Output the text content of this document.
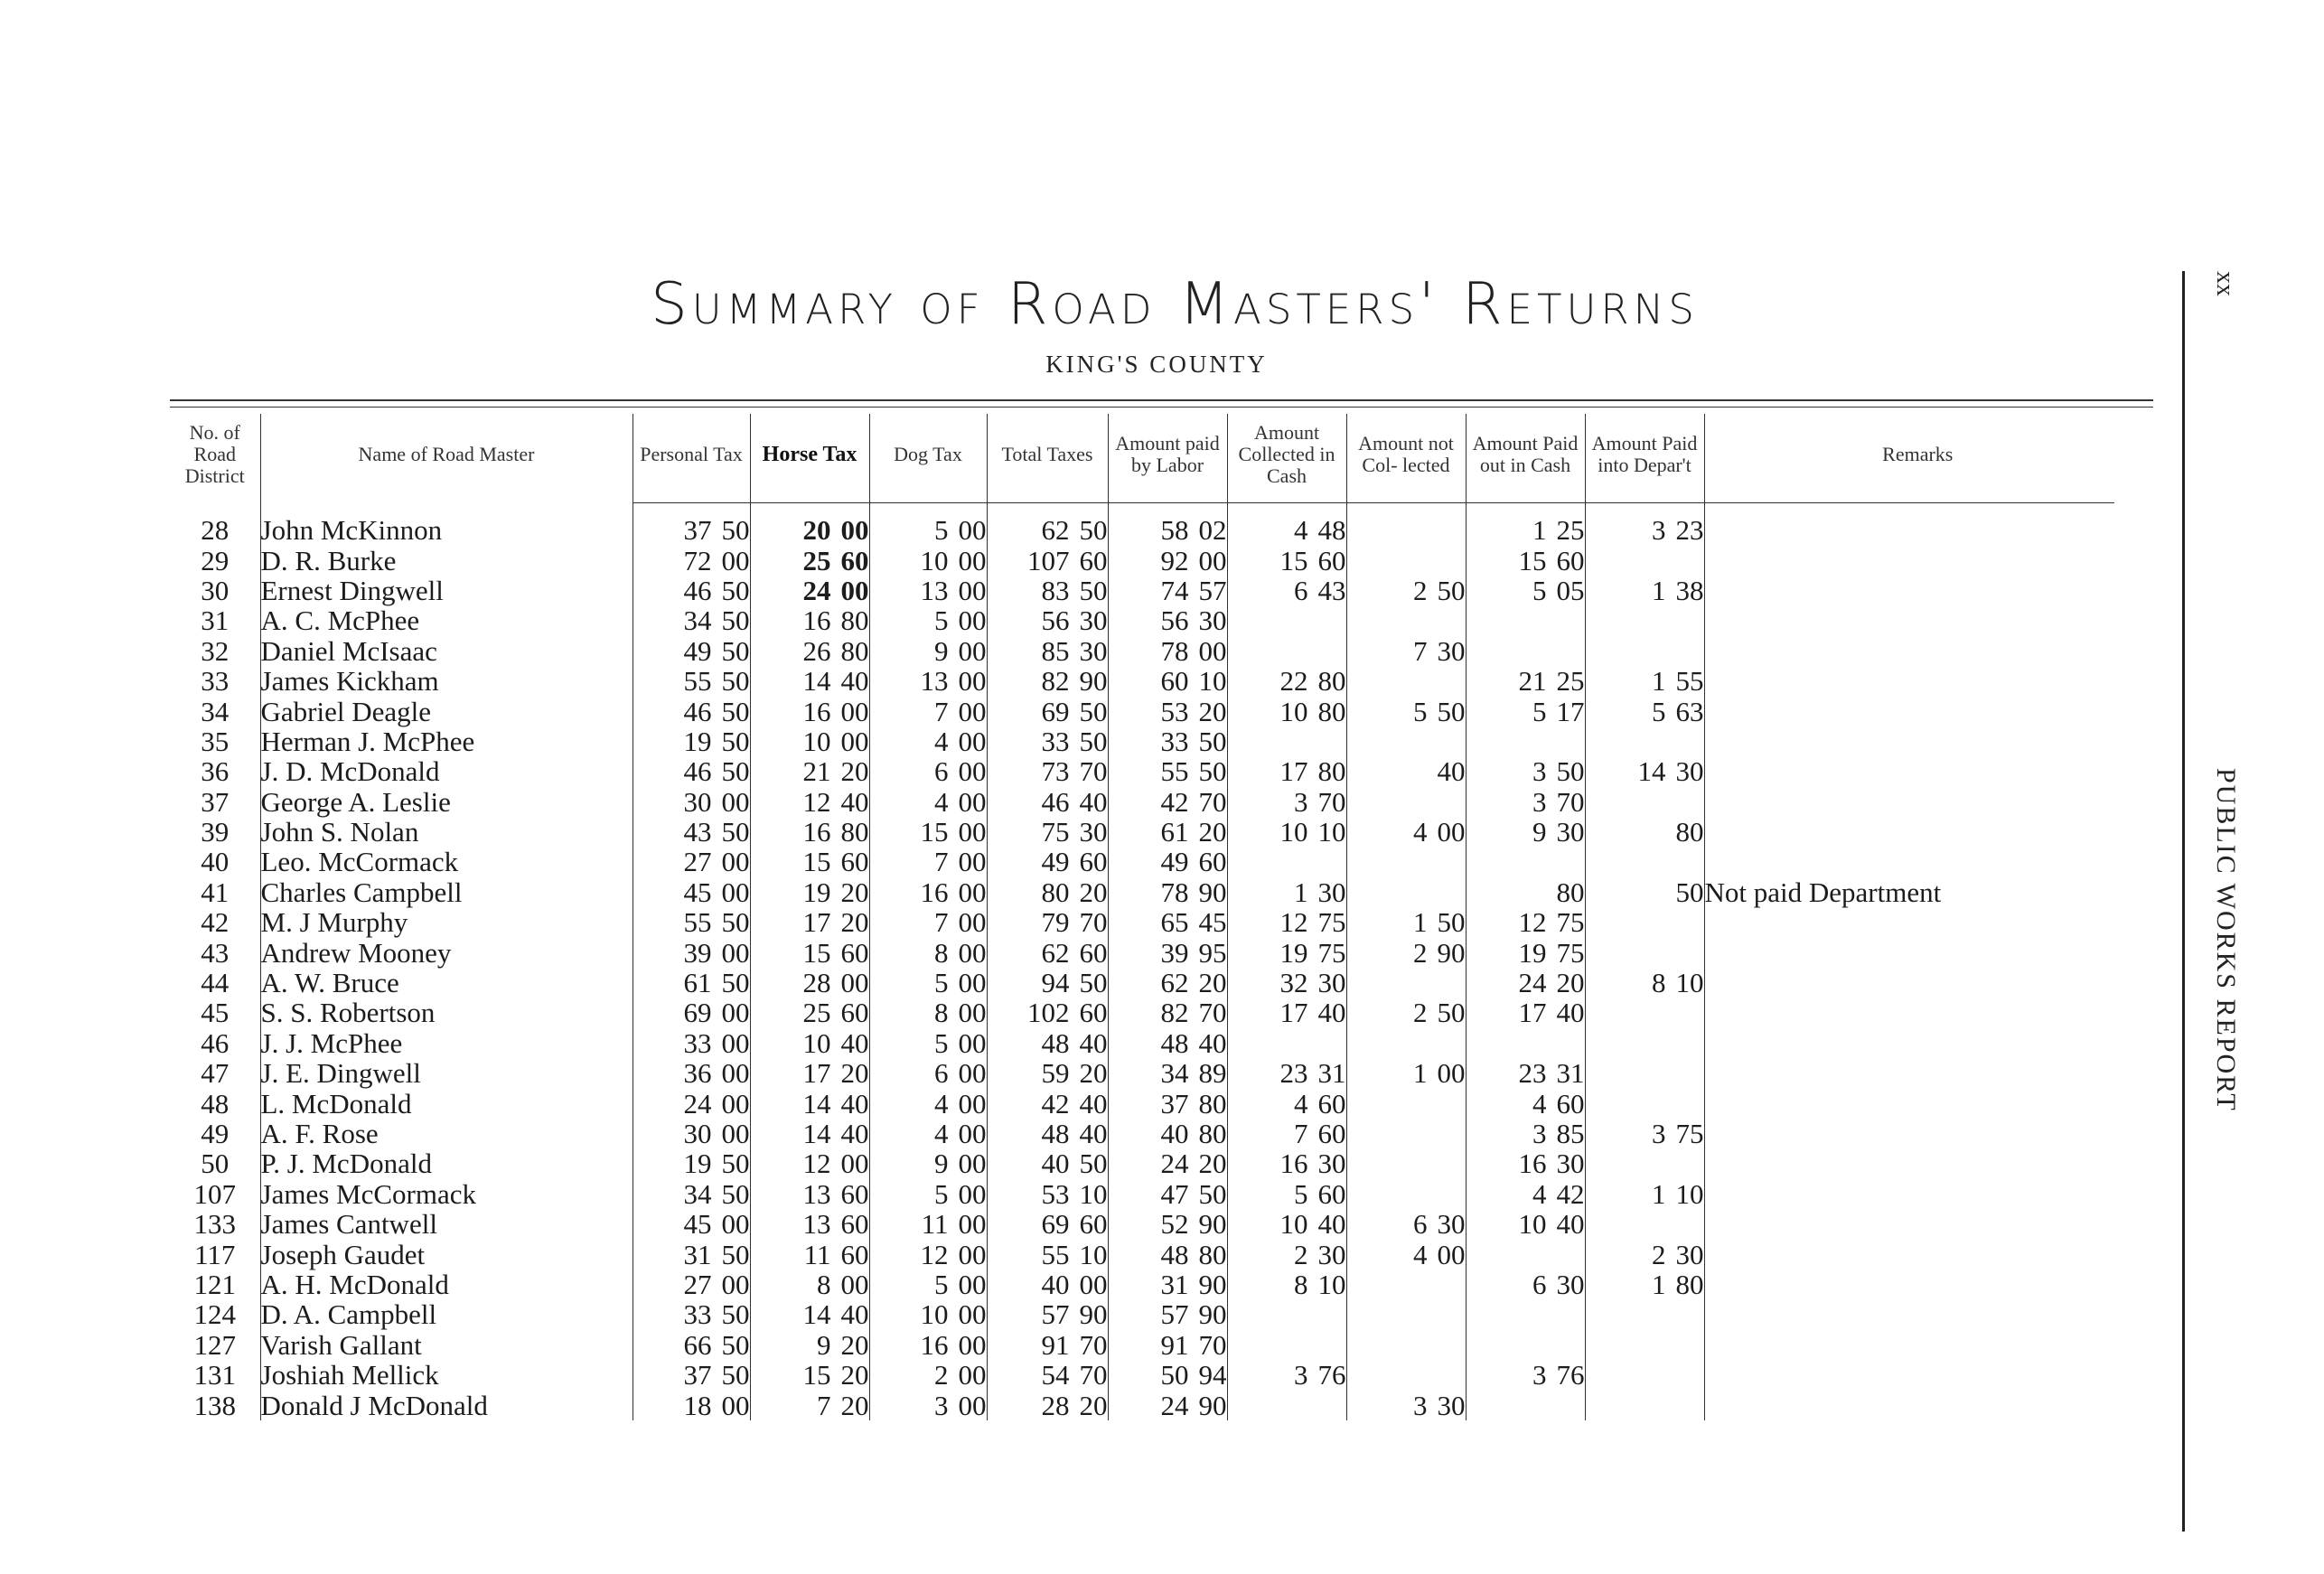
Summary of Road Masters' Returns
KING'S COUNTY
xx
PUBLIC WORKS REPORT
No. of Road District	Name of Road Master	Personal Tax	Horse Tax	Dog Tax	Total Taxes	Amount paid by Labor	Amount Collected in Cash	Amount not Col- lected	Amount Paid out in Cash	Amount Paid into Depar't	Remarks

28	John McKinnon	37 50	20 00	5 00	62 50	58 02	4 48		1 25	3 23	
29	D. R. Burke	72 00	25 60	10 00	107 60	92 00	15 60		15 60		
30	Ernest Dingwell	46 50	24 00	13 00	83 50	74 57	6 43	2 50	5 05	1 38	
31	A. C. McPhee	34 50	16 80	5 00	56 30	56 30					
32	Daniel McIsaac	49 50	26 80	9 00	85 30	78 00		7 30			
33	James Kickham	55 50	14 40	13 00	82 90	60 10	22 80		21 25	1 55	
34	Gabriel Deagle	46 50	16 00	7 00	69 50	53 20	10 80	5 50	5 17	5 63	
35	Herman J. McPhee	19 50	10 00	4 00	33 50	33 50					
36	J. D. McDonald	46 50	21 20	6 00	73 70	55 50	17 80	40	3 50	14 30	
37	George A. Leslie	30 00	12 40	4 00	46 40	42 70	3 70		3 70		
39	John S. Nolan	43 50	16 80	15 00	75 30	61 20	10 10	4 00	9 30	80	
40	Leo. McCormack	27 00	15 60	7 00	49 60	49 60					
41	Charles Campbell	45 00	19 20	16 00	80 20	78 90	1 30		80	50	Not paid Department
42	M. J Murphy	55 50	17 20	7 00	79 70	65 45	12 75	1 50	12 75		
43	Andrew Mooney	39 00	15 60	8 00	62 60	39 95	19 75	2 90	19 75		
44	A. W. Bruce	61 50	28 00	5 00	94 50	62 20	32 30		24 20	8 10	
45	S. S. Robertson	69 00	25 60	8 00	102 60	82 70	17 40	2 50	17 40		
46	J. J. McPhee	33 00	10 40	5 00	48 40	48 40					
47	J. E. Dingwell	36 00	17 20	6 00	59 20	34 89	23 31	1 00	23 31		
48	L. McDonald	24 00	14 40	4 00	42 40	37 80	4 60		4 60		
49	A. F. Rose	30 00	14 40	4 00	48 40	40 80	7 60		3 85	3 75	
50	P. J. McDonald	19 50	12 00	9 00	40 50	24 20	16 30		16 30		
107	James McCormack	34 50	13 60	5 00	53 10	47 50	5 60		4 42	1 10	
133	James Cantwell	45 00	13 60	11 00	69 60	52 90	10 40	6 30	10 40		
117	Joseph Gaudet	31 50	11 60	12 00	55 10	48 80	2 30	4 00		2 30	
121	A. H. McDonald	27 00	8 00	5 00	40 00	31 90	8 10		6 30	1 80	
124	D. A. Campbell	33 50	14 40	10 00	57 90	57 90					
127	Varish Gallant	66 50	9 20	16 00	91 70	91 70					
131	Joshiah Mellick	37 50	15 20	2 00	54 70	50 94	3 76		3 76		
138	Donald J McDonald	18 00	7 20	3 00	28 20	24 90		3 30			
